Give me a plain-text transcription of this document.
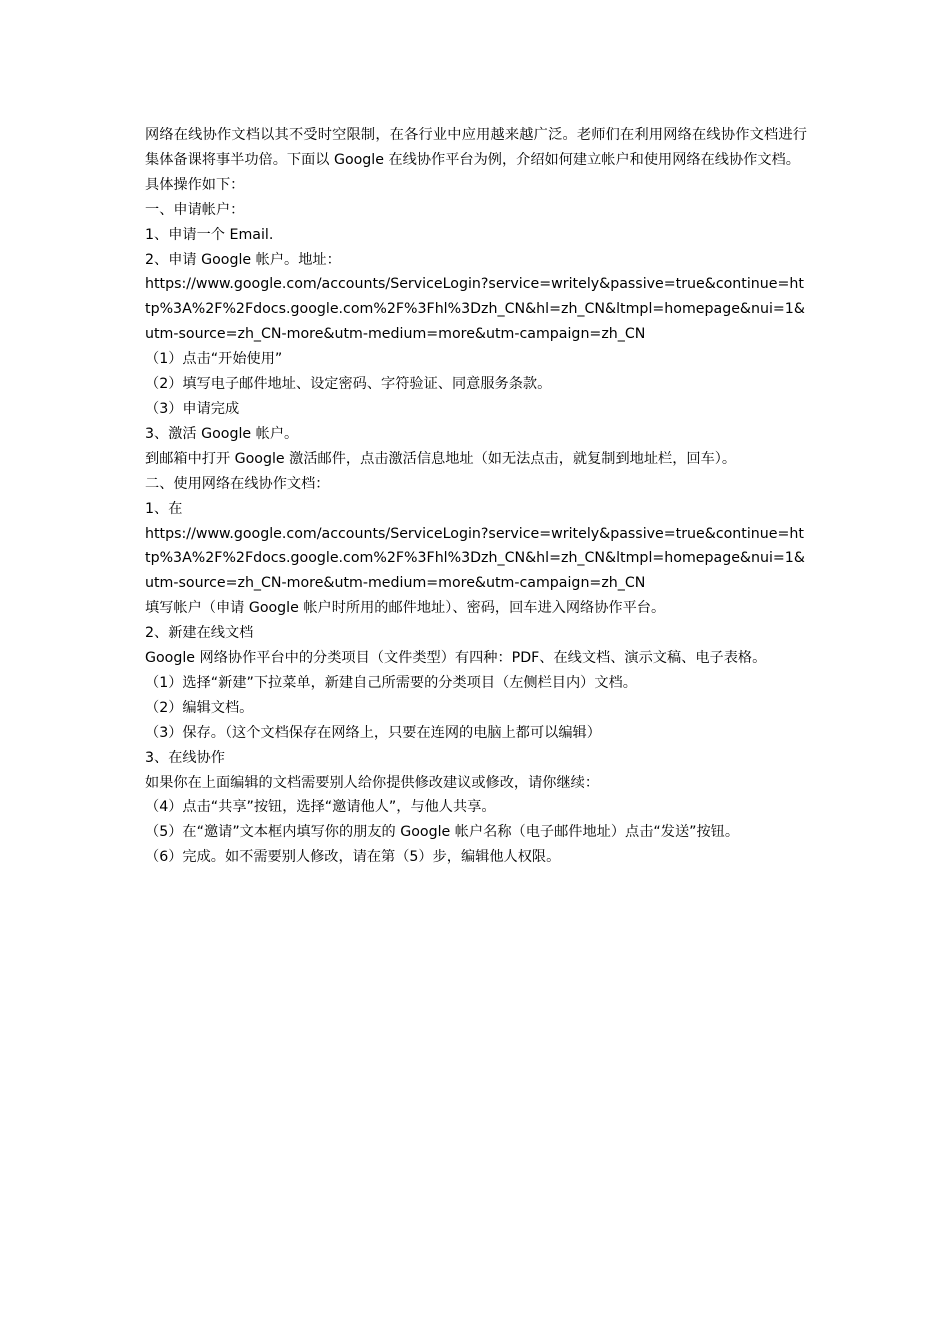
网络在线协作文档以其不受时空限制，在各行业中应用越来越广泛。老师们在利用网络在线协作文档进行集体备课将事半功倍。下面以 Google 在线协作平台为例，介绍如何建立帐户和使用网络在线协作文档。

具体操作如下：

一、申请帐户：

1、申请一个 Email.

2、申请 Google 帐户。地址：

https://www.google.com/accounts/ServiceLogin?service=writely&passive=true&continue=http%3A%2F%2Fdocs.google.com%2F%3Fhl%3Dzh_CN&hl=zh_CN&ltmpl=homepage&nui=1&utm-source=zh_CN-more&utm-medium=more&utm-campaign=zh_CN

（1）点击“开始使用”

（2）填写电子邮件地址、设定密码、字符验证、同意服务条款。

（3）申请完成

3、激活 Google 帐户。

到邮箱中打开 Google 激活邮件，点击激活信息地址（如无法点击，就复制到地址栏，回车）。

二、使用网络在线协作文档：

1、在

https://www.google.com/accounts/ServiceLogin?service=writely&passive=true&continue=http%3A%2F%2Fdocs.google.com%2F%3Fhl%3Dzh_CN&hl=zh_CN&ltmpl=homepage&nui=1&utm-source=zh_CN-more&utm-medium=more&utm-campaign=zh_CN

填写帐户（申请 Google 帐户时所用的邮件地址）、密码，回车进入网络协作平台。

2、新建在线文档

Google 网络协作平台中的分类项目（文件类型）有四种：PDF、在线文档、演示文稿、电子表格。

（1）选择“新建”下拉菜单，新建自己所需要的分类项目（左侧栏目内）文档。

（2）编辑文档。

（3）保存。（这个文档保存在网络上，只要在连网的电脑上都可以编辑）

3、在线协作

如果你在上面编辑的文档需要别人给你提供修改建议或修改，请你继续：

（4）点击“共享”按钮，选择“邀请他人”，与他人共享。

（5）在“邀请”文本框内填写你的朋友的 Google 帐户名称（电子邮件地址）点击“发送”按钮。

（6）完成。如不需要别人修改，请在第（5）步，编辑他人权限。
